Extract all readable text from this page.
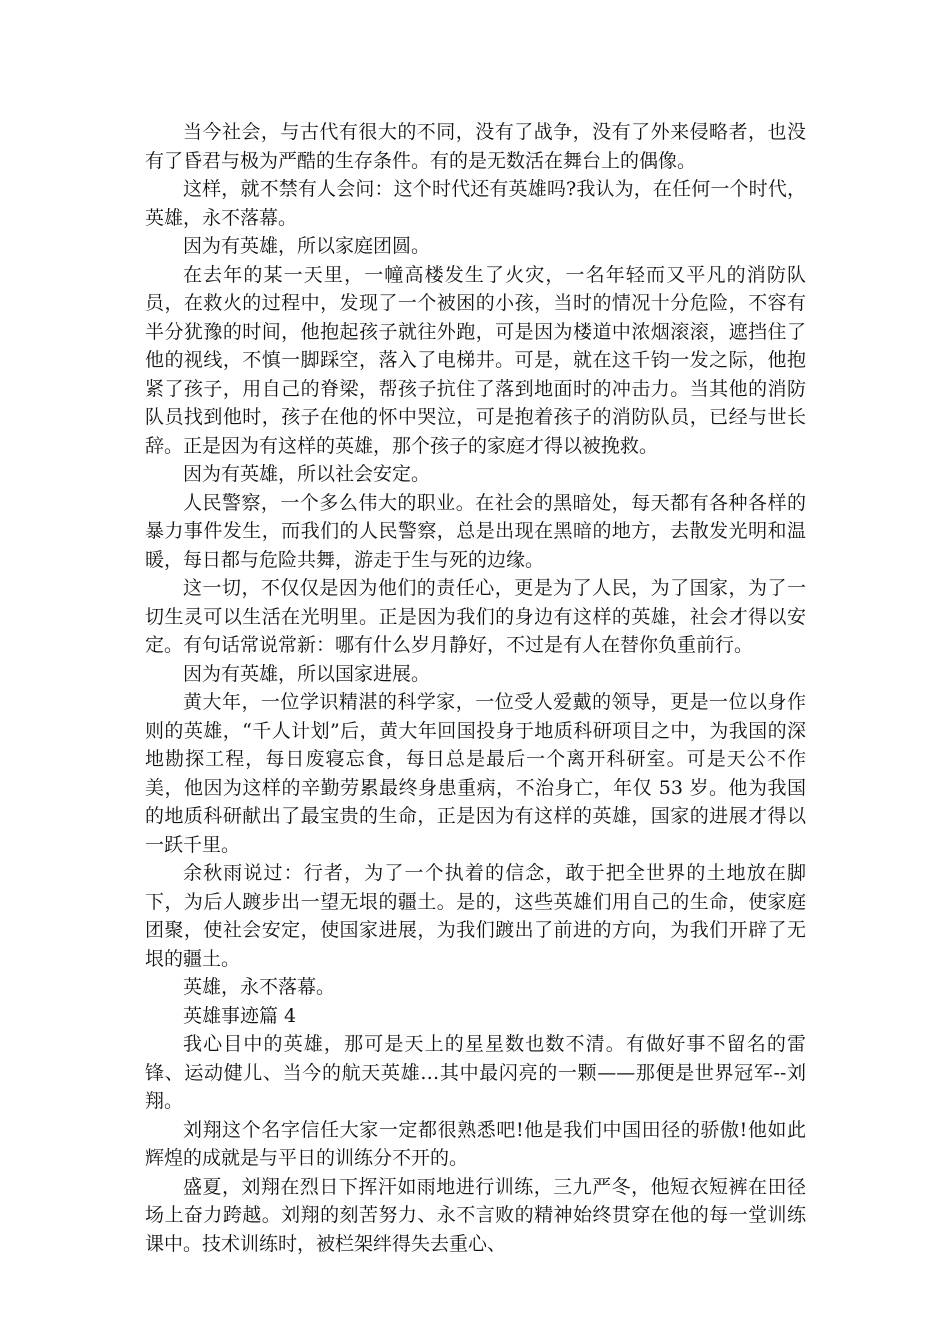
当今社会，与古代有很大的不同，没有了战争，没有了外来侵略者，也没有了昏君与极为严酷的生存条件。有的是无数活在舞台上的偶像。

这样，就不禁有人会问：这个时代还有英雄吗?我认为，在任何一个时代，英雄，永不落幕。

因为有英雄，所以家庭团圆。

在去年的某一天里，一幢高楼发生了火灾，一名年轻而又平凡的消防队员，在救火的过程中，发现了一个被困的小孩，当时的情况十分危险，不容有半分犹豫的时间，他抱起孩子就往外跑，可是因为楼道中浓烟滚滚，遮挡住了他的视线，不慎一脚踩空，落入了电梯井。可是，就在这千钧一发之际，他抱紧了孩子，用自己的脊梁，帮孩子抗住了落到地面时的冲击力。当其他的消防队员找到他时，孩子在他的怀中哭泣，可是抱着孩子的消防队员，已经与世长辞。正是因为有这样的英雄，那个孩子的家庭才得以被挽救。

因为有英雄，所以社会安定。

人民警察，一个多么伟大的职业。在社会的黑暗处，每天都有各种各样的暴力事件发生，而我们的人民警察，总是出现在黑暗的地方，去散发光明和温暖，每日都与危险共舞，游走于生与死的边缘。

这一切，不仅仅是因为他们的责任心，更是为了人民，为了国家，为了一切生灵可以生活在光明里。正是因为我们的身边有这样的英雄，社会才得以安定。有句话常说常新：哪有什么岁月静好，不过是有人在替你负重前行。

因为有英雄，所以国家进展。

黄大年，一位学识精湛的科学家，一位受人爱戴的领导，更是一位以身作则的英雄，“千人计划”后，黄大年回国投身于地质科研项目之中，为我国的深地勘探工程，每日废寝忘食，每日总是最后一个离开科研室。可是天公不作美，他因为这样的辛勤劳累最终身患重病，不治身亡，年仅 53 岁。他为我国的地质科研献出了最宝贵的生命，正是因为有这样的英雄，国家的进展才得以一跃千里。

余秋雨说过：行者，为了一个执着的信念，敢于把全世界的土地放在脚下，为后人踱步出一望无垠的疆土。是的，这些英雄们用自己的生命，使家庭团聚，使社会安定，使国家进展，为我们踱出了前进的方向，为我们开辟了无垠的疆土。

英雄，永不落幕。

英雄事迹篇 4

我心目中的英雄，那可是天上的星星数也数不清。有做好事不留名的雷锋、运动健儿、当今的航天英雄…其中最闪亮的一颗——那便是世界冠军--刘翔。

刘翔这个名字信任大家一定都很熟悉吧!他是我们中国田径的骄傲!他如此辉煌的成就是与平日的训练分不开的。

盛夏，刘翔在烈日下挥汗如雨地进行训练，三九严冬，他短衣短裤在田径场上奋力跨越。刘翔的刻苦努力、永不言败的精神始终贯穿在他的每一堂训练课中。技术训练时，被栏架绊得失去重心、
